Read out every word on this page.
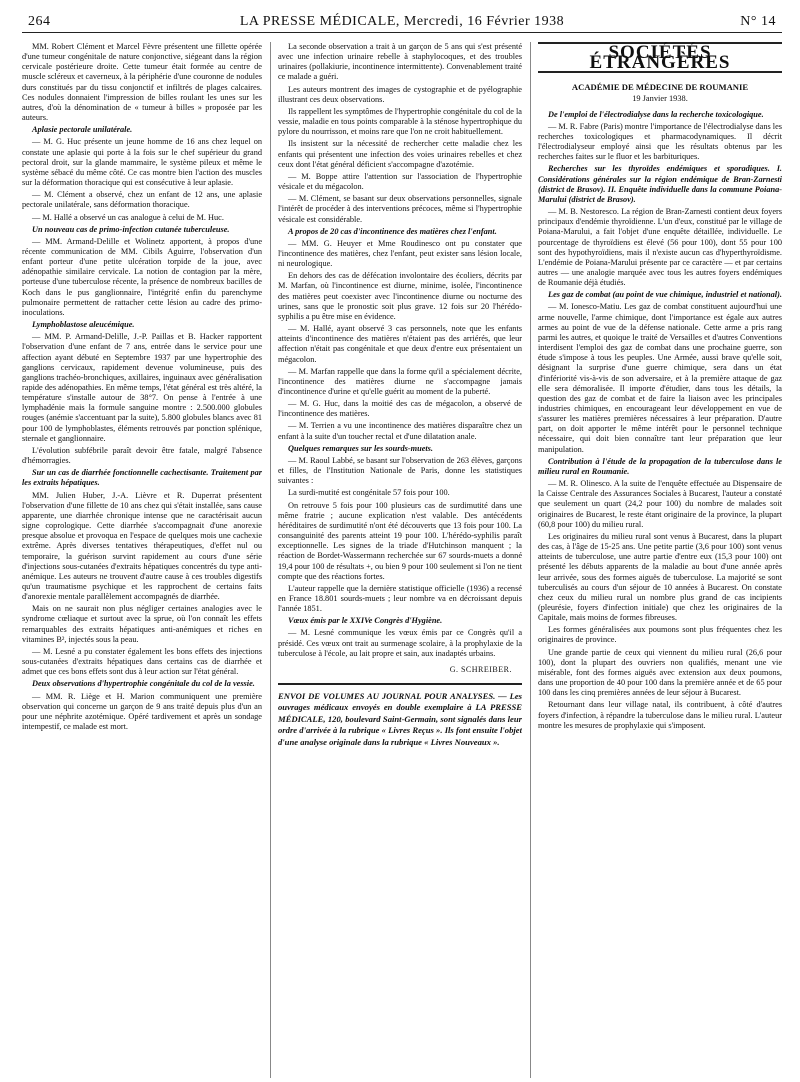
264	LA PRESSE MÉDICALE, Mercredi, 16 Février 1938	N° 14

MM. Robert Clément et Marcel Fèvre présentent une fillette opérée d'une tumeur congénitale de nature conjonctive, siégeant dans la région cervicale postérieure droite. Cette tumeur était formée au centre de muscle scléreux et caverneux, à la périphérie d'une couronne de nodules durs constitués par du tissu conjonctif et infiltrés de plages calcaires. Ces nodules donnaient l'impression de billes roulant les unes sur les autres, d'où la dénomination de « tumeur à billes » proposée par les auteurs.

Aplasie pectorale unilatérale.

— M. G. Huc présente un jeune homme de 16 ans chez lequel on constate une aplasie qui porte à la fois sur le chef supérieur du grand pectoral droit, sur la glande mammaire, le système pileux et même le système sébacé du même côté. Ce cas montre bien l'action des muscles sur la déformation thoracique qui est consécutive à leur aplasie.

— M. Clément a observé, chez un enfant de 12 ans, une aplasie pectorale unilatérale, sans déformation thoracique.

— M. Hallé a observé un cas analogue à celui de M. Huc.

Un nouveau cas de primo-infection cutanée tuberculeuse.

— MM. Armand-Delille et Wolinetz apportent, à propos d'une récente communication de MM. Cibils Aguirre, l'observation d'un enfant porteur d'une petite ulcération torpide de la joue, avec adénopathie similaire cervicale. La notion de contagion par la mère, porteuse d'une tuberculose récente, la présence de nombreux bacilles de Koch dans le pus ganglionnaire, l'intégrité enfin du parenchyme pulmonaire permettent de rattacher cette lésion au cadre des primo-inoculations.

Lymphoblastose aleucémique.

— MM. P. Armand-Delille, J.-P. Paillas et B. Hacker rapportent l'observation d'une enfant de 7 ans, entrée dans le service pour une affection ayant débuté en Septembre 1937 par une hypertrophie des ganglions cervicaux, rapidement devenue volumineuse, puis des ganglions trachéo-bronchiques, axillaires, inguinaux avec généralisation rapide des adénopathies. En même temps, l'état général est très altéré, la température s'installe autour de 38°7. On pense à l'entrée à une lymphadénie mais la formule sanguine montre : 2.500.000 globules rouges (anémie s'accentuant par la suite), 5.800 globules blancs avec 81 pour 100 de lymphoblastes, éléments retrouvés par ponction splénique, sternale et ganglionnaire.

L'évolution subfébrile paraît devoir être fatale, malgré l'absence d'hémorragies.

Sur un cas de diarrhée fonctionnelle cachectisante. Traitement par les extraits hépatiques.

MM. Julien Huber, J.-A. Lièvre et R. Duperrat présentent l'observation d'une fillette de 10 ans chez qui s'était installée, sans cause apparente, une diarrhée chronique intense que ne caractérisait aucun signe coprologique. Cette diarrhée s'accompagnait d'une anorexie presque absolue et provoqua en l'espace de quelques mois une cachexie extrême. Après diverses tentatives thérapeutiques, d'effet nul ou temporaire, la guérison survint rapidement au cours d'une série d'injections sous-cutanées d'extraits hépatiques concentrés du type anti-anémique. Les auteurs ne trouvent d'autre cause à ces troubles digestifs qu'un traumatisme psychique et les rapprochent de certains faits d'anorexie mentale parallèlement accompagnés de diarrhée.

Mais on ne saurait non plus négliger certaines analogies avec le syndrome cœliaque et surtout avec la sprue, où l'on connaît les effets remarquables des extraits hépatiques anti-anémiques et riches en vitamines B², injectés sous la peau.

— M. Lesné a pu constater également les bons effets des injections sous-cutanées d'extraits hépatiques dans certains cas de diarrhée et admet que ces bons effets sont dus à leur action sur l'état général.

Deux observations d'hypertrophie congénitale du col de la vessie.

— MM. R. Liège et H. Marion communiquent une première observation qui concerne un garçon de 9 ans traité depuis plus d'un an pour une néphrite azotémique. Opéré tardivement et après un sondage intempestif, ce malade est mort.

La seconde observation a trait à un garçon de 5 ans qui s'est présenté avec une infection urinaire rebelle à staphylocoques, et des troubles urinaires (pollakiurie, incontinence intermittente). Convenablement traité ce malade a guéri.

Les auteurs montrent des images de cystographie et de pyélographie illustrant ces deux observations.

Ils rappellent les symptômes de l'hypertrophie congénitale du col de la vessie, maladie en tous points comparable à la sténose hypertrophique du pylore du nourrisson, et moins rare que l'on ne croit habituellement.

Ils insistent sur la nécessité de rechercher cette maladie chez les enfants qui présentent une infection des voies urinaires rebelles et chez ceux dont l'état général déficient s'accompagne d'azotémie.

— M. Boppe attire l'attention sur l'association de l'hypertrophie vésicale et du mégacolon.

— M. Clément, se basant sur deux observations personnelles, signale l'intérêt de procéder à des interventions précoces, même si l'hypertrophie vésicale est considérable.

A propos de 20 cas d'incontinence des matières chez l'enfant.

— MM. G. Heuyer et Mme Roudinesco ont pu constater que l'incontinence des matières, chez l'enfant, peut exister sans lésion locale, ni neurologique.

En dehors des cas de défécation involontaire des écoliers, décrits par M. Marfan, où l'incontinence est diurne, minime, isolée, l'incontinence des matières peut coexister avec l'incontinence diurne ou nocturne des urines, sans que le pronostic soit plus grave. 12 fois sur 20 l'hérédo-syphilis a pu être mise en évidence.

— M. Hallé, ayant observé 3 cas personnels, note que les enfants atteints d'incontinence des matières n'étaient pas des arriérés, que leur affection n'était pas congénitale et que deux d'entre eux présentaient un mégacolon.

— M. Marfan rappelle que dans la forme qu'il a spécialement décrite, l'incontinence des matières diurne ne s'accompagne jamais d'incontinence d'urine et qu'elle guérit au moment de la puberté.

— M. G. Huc, dans la moitié des cas de mégacolon, a observé de l'incontinence des matières.

— M. Terrien a vu une incontinence des matières disparaître chez un enfant à la suite d'un toucher rectal et d'une dilatation anale.

Quelques remarques sur les sourds-muets.

— M. Raoul Labbé, se basant sur l'observation de 263 élèves, garçons et filles, de l'Institution Nationale de Paris, donne les statistiques suivantes :

La surdi-mutité est congénitale 57 fois pour 100.

On retrouve 5 fois pour 100 plusieurs cas de surdimutité dans une même fratrie ; aucune explication n'est valable. Des antécédents héréditaires de surdimutité n'ont été découverts que 13 fois pour 100. La consanguinité des parents atteint 19 pour 100. L'hérédo-syphilis paraît exceptionnelle. Les signes de la triade d'Hutchinson manquent ; la réaction de Bordet-Wassermann recherchée sur 67 sourds-muets a donné 19,4 pour 100 de résultats +, ou bien 9 pour 100 seulement si l'on ne tient compte que des réactions fortes.

L'auteur rappelle que la dernière statistique officielle (1936) a recensé en France 18.801 sourds-muets ; leur nombre va en décroissant depuis l'année 1851.

Vœux émis par le XXIVe Congrès d'Hygiène.

— M. Lesné communique les vœux émis par ce Congrès qu'il a présidé. Ces vœux ont trait au surmenage scolaire, à la prophylaxie de la tuberculose à l'école, au lait propre et sain, aux inadaptés urbains.

G. SCHREIBER.

ENVOI DE VOLUMES AU JOURNAL POUR ANALYSES. — Les ouvrages médicaux envoyés en double exemplaire à LA PRESSE MÉDICALE, 120, boulevard Saint-Germain, sont signalés dans leur ordre d'arrivée à la rubrique « Livres Reçus ». Ils font ensuite l'objet d'une analyse originale dans la rubrique « Livres Nouveaux ».

SOCIÉTÉS ÉTRANGÈRES
ACADÉMIE DE MÉDECINE DE ROUMANIE
19 Janvier 1938.

De l'emploi de l'électrodialyse dans la recherche toxicologique.

— M. R. Fabre (Paris) montre l'importance de l'électrodialyse dans les recherches toxicologiques et pharmacodynamiques. Il décrit l'électrodialyseur employé ainsi que les résultats obtenus par les recherches faites sur le fluor et les barbituriques.

Recherches sur les thyroïdes endémiques et sporadiques. I. Considérations générales sur la région endémique de Bran-Zarnesti (district de Brasov). II. Enquête individuelle dans la commune Poiana-Marului (district de Brasov).

— M. B. Nestoresco. La région de Bran-Zarnesti contient deux foyers principaux d'endémie thyroïdienne. L'un d'eux, constitué par le village de Poiana-Marului, a fait l'objet d'une enquête détaillée, individuelle. Le pourcentage de thyroïdiens est élevé (56 pour 100), dont 55 pour 100 sont des hypothyroïdiens, mais il n'existe aucun cas d'hyperthyroïdisme. L'endémie de Poiana-Marului présente par ce caractère — et par certains autres — une analogie marquée avec tous les autres foyers endémiques de Roumanie déjà étudiés.

Les gaz de combat (au point de vue chimique, industriel et national).

— M. Ionesco-Matiu. Les gaz de combat constituent aujourd'hui une arme nouvelle, l'arme chimique, dont l'importance est égale aux autres armes au point de vue de la défense nationale. Cette arme a pris rang parmi les autres, et quoique le traité de Versailles et d'autres Conventions interdisent l'emploi des gaz de combat dans une prochaine guerre, son étude s'impose à tous les peuples. Une Armée, aussi brave qu'elle soit, désignant la surprise d'une guerre chimique, sera dans un état d'infériorité vis-à-vis de son adversaire, et à la première attaque de gaz elle sera démoralisée. Il importe d'étudier, dans tous les détails, la question des gaz de combat et de faire la liaison avec les principales industries chimiques, en encourageant leur développement en vue de s'assurer les matières premières nécessaires à leur préparation. D'autre part, on doit apporter le même intérêt pour le personnel technique nécessaire, qui doit bien connaître tant leur préparation que leur manipulation.

Contribution à l'étude de la propagation de la tuberculose dans le milieu rural en Roumanie.

— M. R. Olinesco. A la suite de l'enquête effectuée au Dispensaire de la Caisse Centrale des Assurances Sociales à Bucarest, l'auteur a constaté que seulement un quart (24,2 pour 100) du nombre de malades soit originaires de Bucarest, le reste étant originaire de la province, la plupart (60,8 pour 100) du milieu rural.

Les originaires du milieu rural sont venus à Bucarest, dans la plupart des cas, à l'âge de 15-25 ans. Une petite partie (3,6 pour 100) sont venus atteints de tuberculose, une autre partie d'entre eux (15,3 pour 100) ont présenté les débuts apparents de la maladie au bout d'une année après leur arrivée, sous des formes aiguës de tuberculose. La majorité se sont tuberculisés au cours d'un séjour de 10 années à Bucarest. On constate chez ceux du milieu rural un nombre plus grand de cas incipients (pleurésie, foyers d'infection initiale) que chez les originaires de la Capitale, mais moins de formes fibreuses.

Les formes généralisées aux poumons sont plus fréquentes chez les originaires de province.

Une grande partie de ceux qui viennent du milieu rural (26,6 pour 100), dont la plupart des ouvriers non qualifiés, menant une vie misérable, font des formes aiguës avec extension aux deux poumons, dans une proportion de 40 pour 100 dans la première année et de 65 pour 100 dans les cinq premières années de leur séjour à Bucarest.

Retournant dans leur village natal, ils contribuent, à côté d'autres foyers d'infection, à répandre la tuberculose dans le milieu rural. L'auteur montre les mesures de prophylaxie qui s'imposent.
